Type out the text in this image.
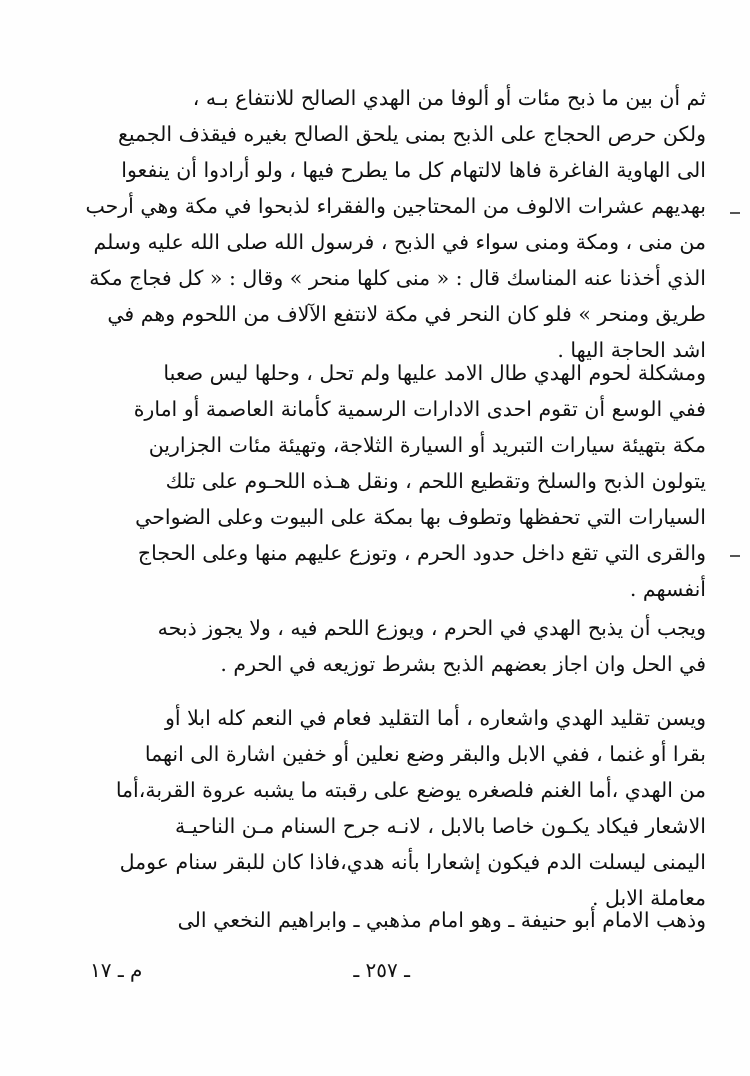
ثم أن بين ما ذبح مئات أو ألوفا من الهدي الصالح للانتفاع بـه ،
ولكن حرص الحجاج على الذبح بمنى يلحق الصالح بغيره فيقذف الجميع
الى الهاوية الفاغرة فاها لالتهام كل ما يطرح فيها ، ولو أرادوا أن ينفعوا
بهديهم عشرات الالوف من المحتاجين والفقراء لذبحوا في مكة وهي أرحب
من منى ، ومكة ومنى سواء في الذبح ، فرسول الله صلى الله عليه وسلم
الذي أخذنا عنه المناسك قال : « منى كلها منحر » وقال : « كل فجاج مكة
طريق ومنحر » فلو كان النحر في مكة لانتفع الآلاف من اللحوم وهم في
اشد الحاجة اليها .
ومشكلة لحوم الهدي طال الامد عليها ولم تحل ، وحلها ليس صعبا
ففي الوسع أن تقوم احدى الادارات الرسمية كأمانة العاصمة أو امارة
مكة بتهيئة سيارات التبريد أو السيارة الثلاجة، وتهيئة مئات الجزارين
يتولون الذبح والسلخ وتقطيع اللحم ، ونقل هـذه اللحـوم على تلك
السيارات التي تحفظها وتطوف بها بمكة على البيوت وعلى الضواحي
والقرى التي تقع داخل حدود الحرم ، وتوزع عليهم منها وعلى الحجاج
أنفسهم .
ويجب أن يذبح الهدي في الحرم ، ويوزع اللحم فيه ، ولا يجوز ذبحه
في الحل وان اجاز بعضهم الذبح بشرط توزيعه في الحرم .
ويسن تقليد الهدي واشعاره ، أما التقليد فعام في النعم كله ابلا أو
بقرا أو غنما ، ففي الابل والبقر وضع نعلين أو خفين اشارة الى انهما
من الهدي ،أما الغنم فلصغره يوضع على رقبته ما يشبه عروة القربة،أما
الاشعار فيكاد يكـون خاصا بالابل ، لانـه جرح السنام مـن الناحيـة
اليمنى ليسلت الدم فيكون إشعارا بأنه هدي،فاذا كان للبقر سنام عومل
معاملة الابل .
وذهب الامام أبو حنيفة ـ وهو امام مذهبي ـ وابراهيم النخعي الى
ـ ٢٥٧ ـ
م ـ ١٧
